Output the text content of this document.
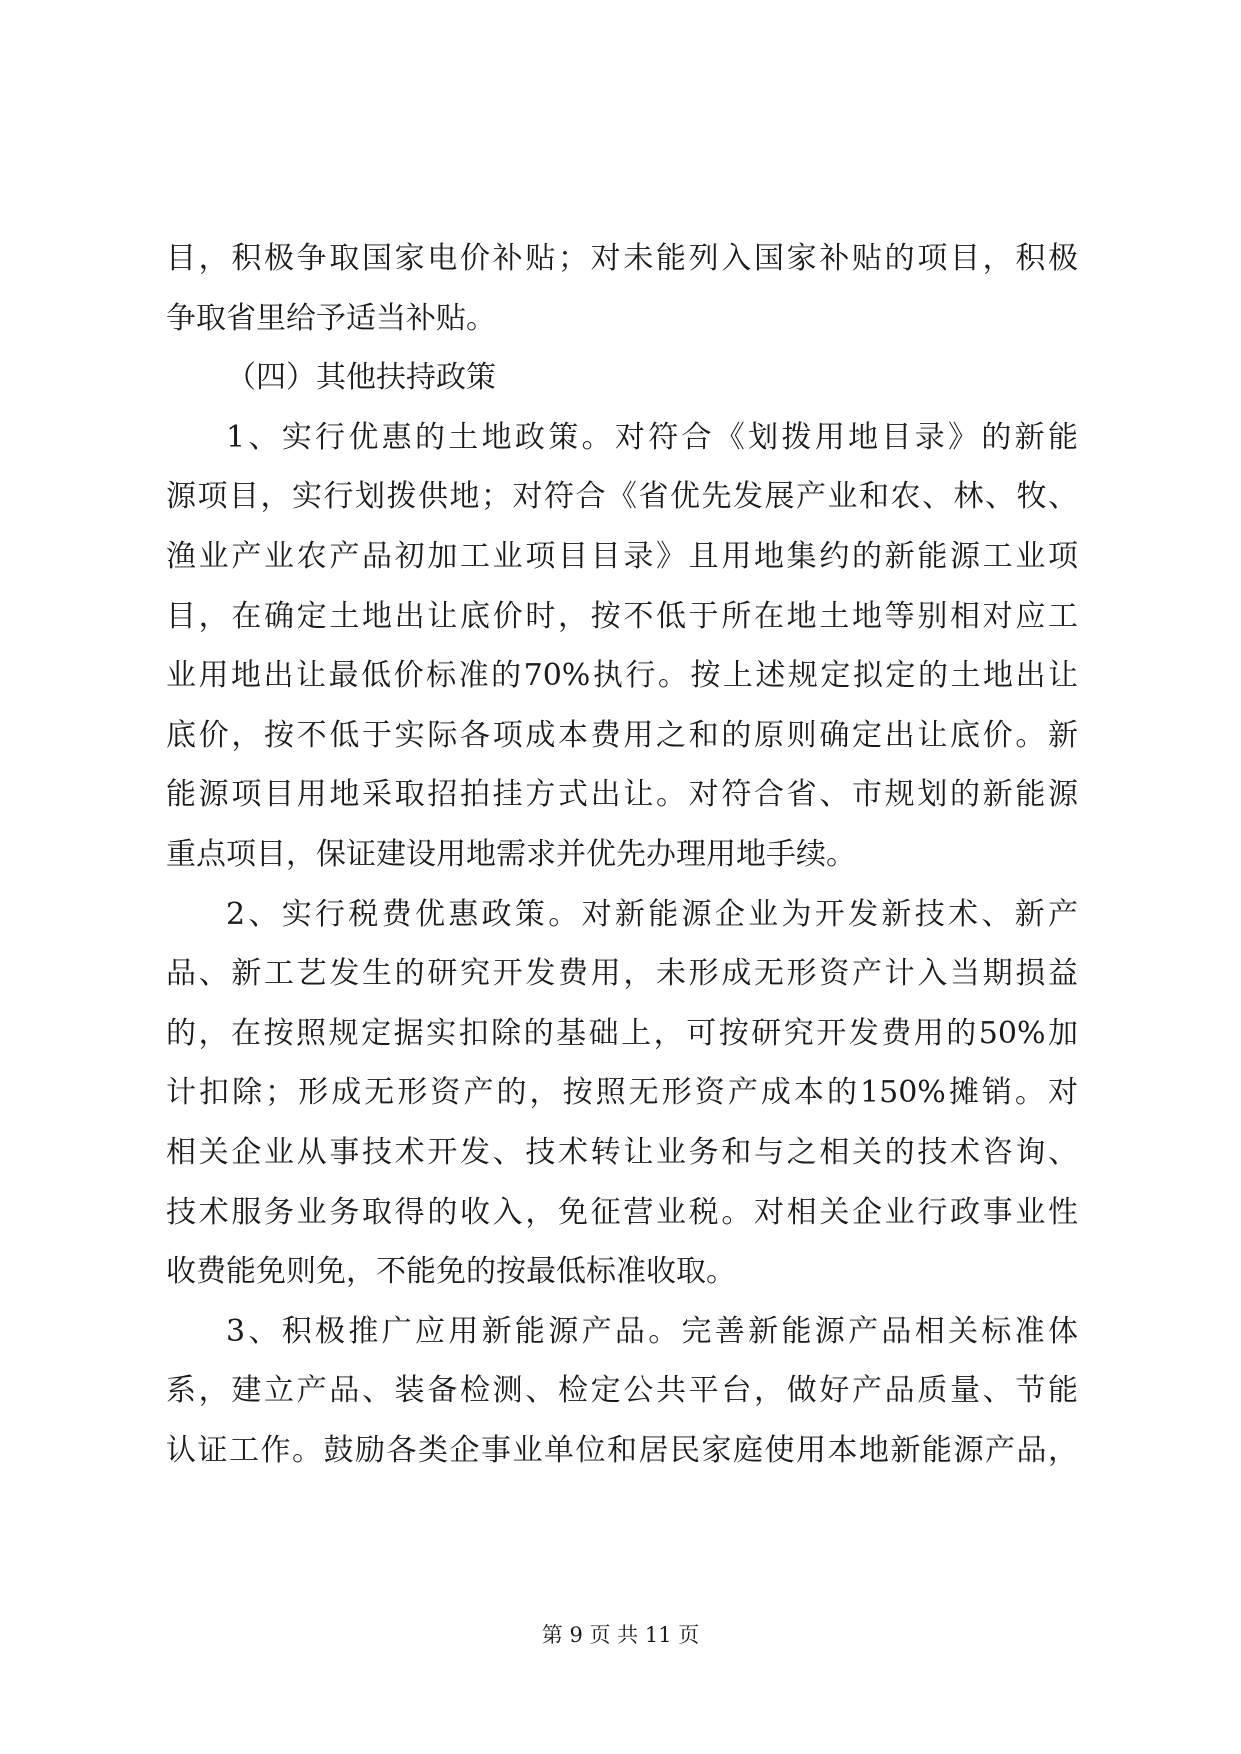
目，积极争取国家电价补贴；对未能列入国家补贴的项目，积极
争取省里给予适当补贴。
（四）其他扶持政策
1、实行优惠的土地政策。对符合《划拨用地目录》的新能
源项目，实行划拨供地；对符合《省优先发展产业和农、林、牧、
渔业产业农产品初加工业项目目录》且用地集约的新能源工业项
目，在确定土地出让底价时，按不低于所在地土地等别相对应工
业用地出让最低价标准的70%执行。按上述规定拟定的土地出让
底价，按不低于实际各项成本费用之和的原则确定出让底价。新
能源项目用地采取招拍挂方式出让。对符合省、市规划的新能源
重点项目，保证建设用地需求并优先办理用地手续。
2、实行税费优惠政策。对新能源企业为开发新技术、新产
品、新工艺发生的研究开发费用，未形成无形资产计入当期损益
的，在按照规定据实扣除的基础上，可按研究开发费用的50%加
计扣除；形成无形资产的，按照无形资产成本的150%摊销。对
相关企业从事技术开发、技术转让业务和与之相关的技术咨询、
技术服务业务取得的收入，免征营业税。对相关企业行政事业性
收费能免则免，不能免的按最低标准收取。
3、积极推广应用新能源产品。完善新能源产品相关标准体
系，建立产品、装备检测、检定公共平台，做好产品质量、节能
认证工作。鼓励各类企事业单位和居民家庭使用本地新能源产品，
第 9 页 共 11 页
